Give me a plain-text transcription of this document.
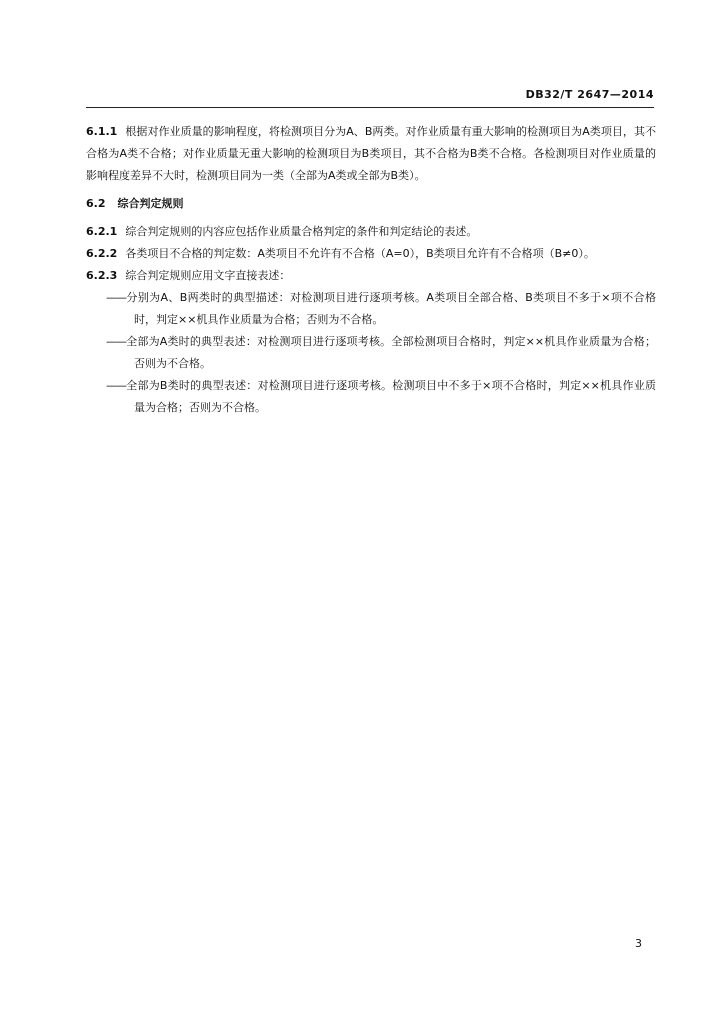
DB32/T 2647—2014

6.1.1 根据对作业质量的影响程度，将检测项目分为A、B两类。对作业质量有重大影响的检测项目为A类项目，其不合格为A类不合格；对作业质量无重大影响的检测项目为B类项目，其不合格为B类不合格。各检测项目对作业质量的影响程度差异不大时，检测项目同为一类（全部为A类或全部为B类）。

6.2 综合判定规则

6.2.1 综合判定规则的内容应包括作业质量合格判定的条件和判定结论的表述。

6.2.2 各类项目不合格的判定数：A类项目不允许有不合格（A=0），B类项目允许有不合格项（B≠0）。

6.2.3 综合判定规则应用文字直接表述：

——分别为A、B两类时的典型描述：对检测项目进行逐项考核。A类项目全部合格、B类项目不多于×项不合格时，判定××机具作业质量为合格；否则为不合格。

——全部为A类时的典型表述：对检测项目进行逐项考核。全部检测项目合格时，判定××机具作业质量为合格；否则为不合格。

——全部为B类时的典型表述：对检测项目进行逐项考核。检测项目中不多于×项不合格时，判定××机具作业质量为合格；否则为不合格。

3
